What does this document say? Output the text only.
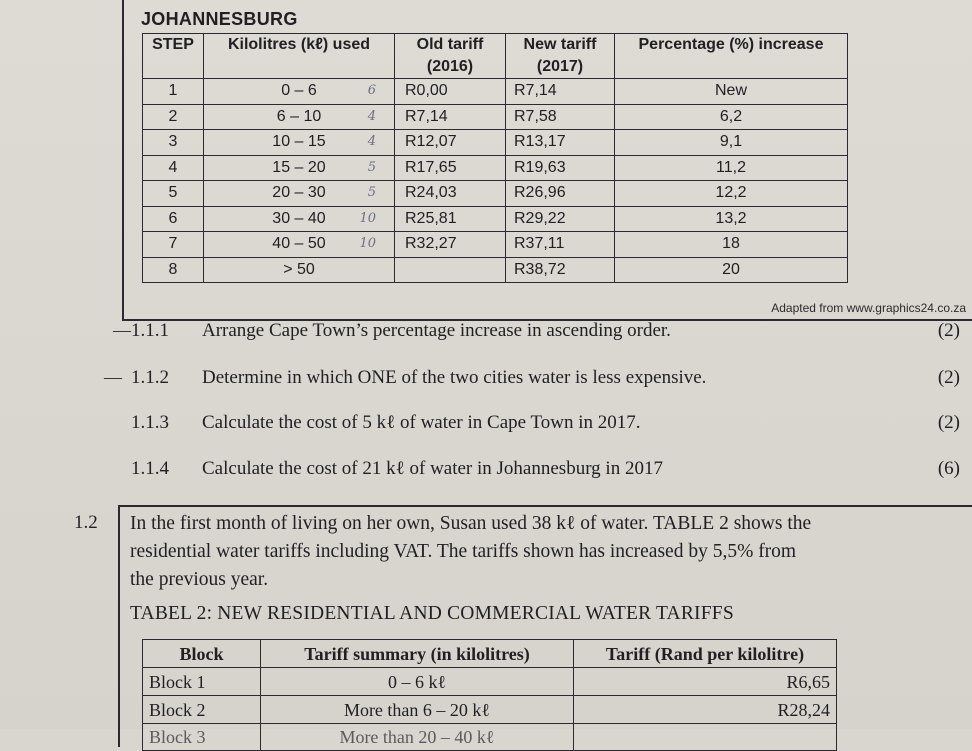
JOHANNESBURG
STEP	Kilolitres (kℓ) used	Old tariff (2016)	New tariff (2017)	Percentage (%) increase
1	0 – 6 6	R0,00	R7,14	New
2	6 – 10 4	R7,14	R7,58	6,2
3	10 – 15 4	R12,07	R13,17	9,1
4	15 – 20 5	R17,65	R19,63	11,2
5	20 – 30 5	R24,03	R26,96	12,2
6	30 – 40 10	R25,81	R29,22	13,2
7	40 – 50 10	R32,27	R37,11	18
8	> 50		R38,72	20
Adapted from www.graphics24.co.za
— 1.1.1 Arrange Cape Town’s percentage increase in ascending order.	(2)
— 1.1.2 Determine in which ONE of the two cities water is less expensive.	(2)
1.1.3 Calculate the cost of 5 kℓ of water in Cape Town in 2017.	(2)
1.1.4 Calculate the cost of 21 kℓ of water in Johannesburg in 2017	(6)
1.2 In the first month of living on her own, Susan used 38 kℓ of water. TABLE 2 shows the
residential water tariffs including VAT. The tariffs shown has increased by 5,5% from
the previous year.
TABEL 2: NEW RESIDENTIAL AND COMMERCIAL WATER TARIFFS
Block	Tariff summary (in kilolitres)	Tariff (Rand per kilolitre)
Block 1	0 – 6 kℓ	R6,65
Block 2	More than 6 – 20 kℓ	R28,24
Block 3	More than 20 – 40 kℓ	
